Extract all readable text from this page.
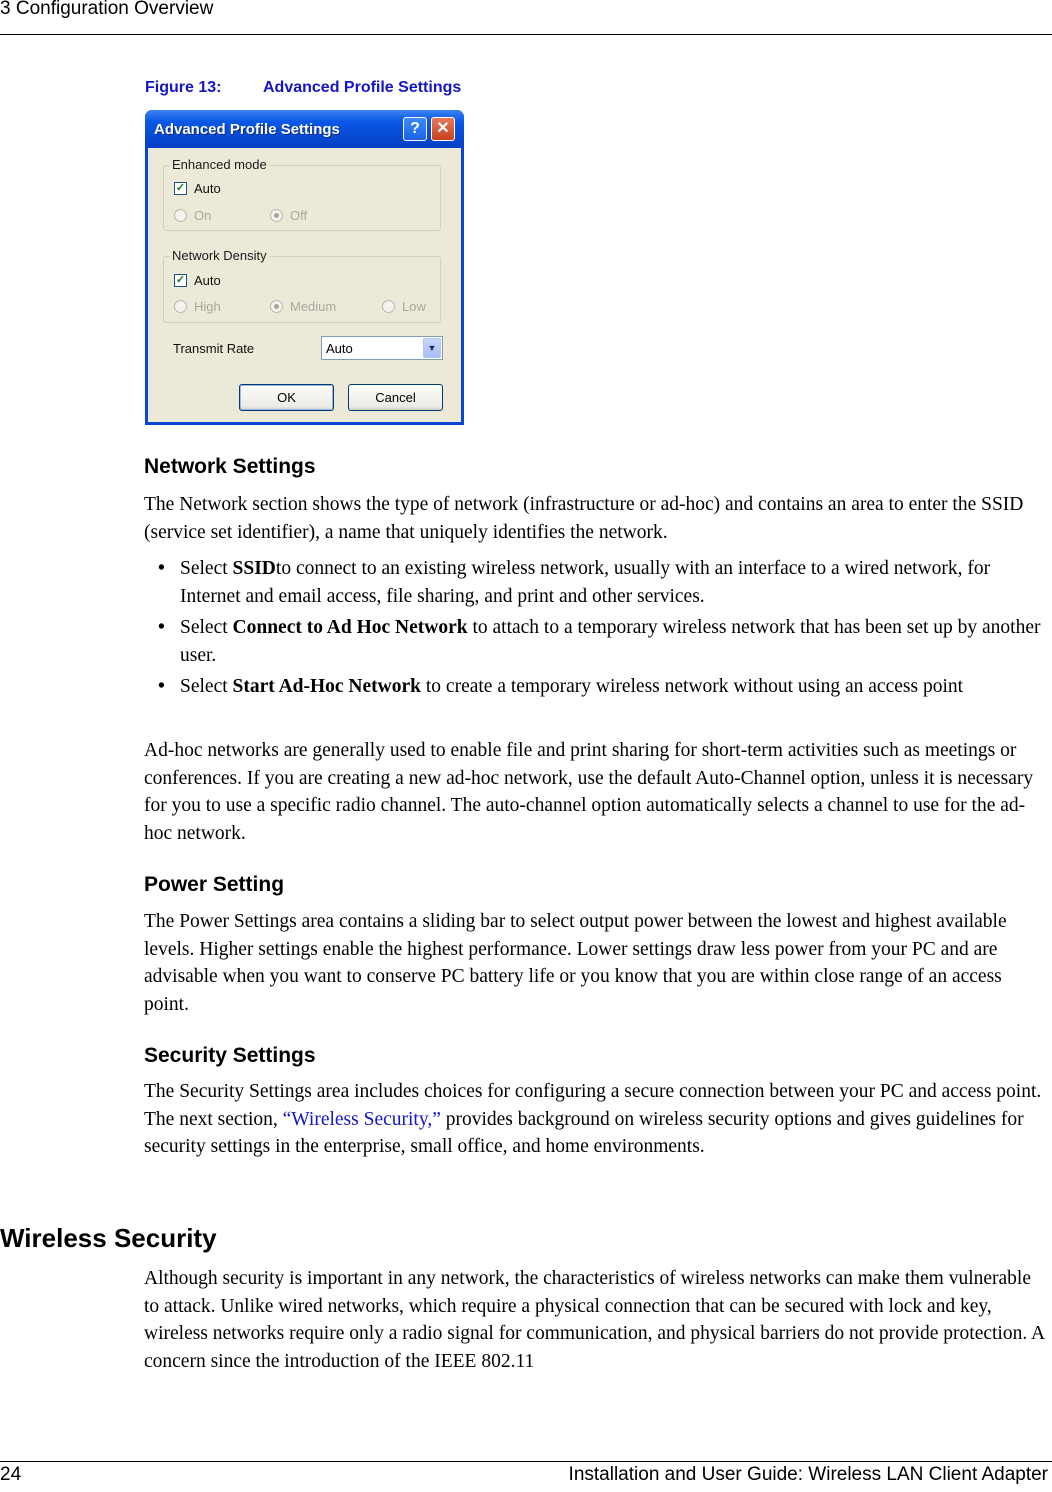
3 Configuration Overview
Figure 13:	Advanced Profile Settings
Advanced Profile Settings	?	✕
Enhanced mode
✓ Auto
On	Off
Network Density
✓ Auto
High	Medium	Low
Transmit Rate	Auto	▼
OK	Cancel
Network Settings

The Network section shows the type of network (infrastructure or ad-hoc) and contains an area to enter the SSID (service set identifier), a name that uniquely identifies the network.

• Select SSIDto connect to an existing wireless network, usually with an interface to a wired network, for Internet and email access, file sharing, and print and other services.
• Select Connect to Ad Hoc Network to attach to a temporary wireless network that has been set up by another user.
• Select Start Ad-Hoc Network to create a temporary wireless network without using an access point

Ad-hoc networks are generally used to enable file and print sharing for short-term activities such as meetings or conferences. If you are creating a new ad-hoc network, use the default Auto-Channel option, unless it is necessary for you to use a specific radio channel. The auto-channel option automatically selects a channel to use for the ad-hoc network.

Power Setting

The Power Settings area contains a sliding bar to select output power between the lowest and highest available levels. Higher settings enable the highest performance. Lower settings draw less power from your PC and are advisable when you want to conserve PC battery life or you know that you are within close range of an access point.

Security Settings

The Security Settings area includes choices for configuring a secure connection between your PC and access point. The next section, “Wireless Security,” provides background on wireless security options and gives guidelines for security settings in the enterprise, small office, and home environments.

Wireless Security

Although security is important in any network, the characteristics of wireless networks can make them vulnerable to attack. Unlike wired networks, which require a physical connection that can be secured with lock and key, wireless networks require only a radio signal for communication, and physical barriers do not provide protection. A concern since the introduction of the IEEE 802.11

24	Installation and User Guide: Wireless LAN Client Adapter
